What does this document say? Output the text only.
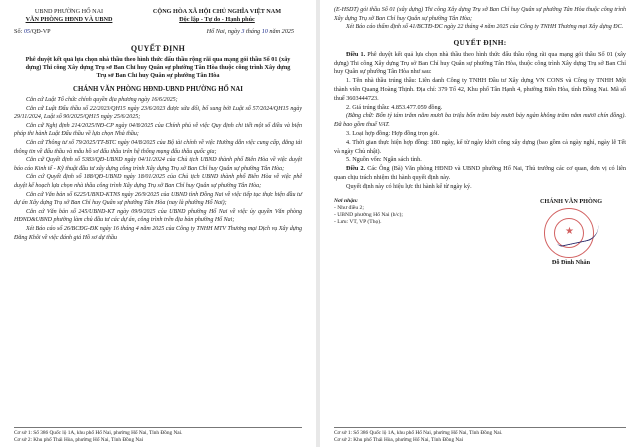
UBND PHƯỜNG HỐ NAI
VĂN PHÒNG HĐND VÀ UBND
CỘNG HÒA XÃ HỘI CHỦ NGHĨA VIỆT NAM
Độc lập - Tự do - Hạnh phúc
Số: 05/QĐ-VP	Hố Nai, ngày 3 tháng 10 năm 2025
QUYẾT ĐỊNH
Phê duyệt kết quả lựa chọn nhà thầu theo hình thức đấu thầu rộng rãi qua mạng gói thầu Số 01 (xây dựng) Thi công Xây dựng Trụ sở Ban Chỉ huy Quân sự phường Tân Hòa thuộc công trình Xây dựng Trụ sở Ban Chỉ huy Quân sự phường Tân Hòa
CHÁNH VĂN PHÒNG HĐND-UBND PHƯỜNG HỐ NAI

Căn cứ Luật Tổ chức chính quyền địa phương ngày 16/6/2025;

Căn cứ Luật Đấu thầu số 22/2023/QH15 ngày 23/6/2023 được sửa đổi, bổ sung bởi Luật số 57/2024/QH15 ngày 29/11/2024, Luật số 90/2025/QH15 ngày 25/6/2025;

Căn cứ Nghị định 214/2025/NĐ-CP ngày 04/8/2025 của Chính phủ về việc Quy định chi tiết một số điều và biện pháp thi hành Luật Đấu thầu về lựa chọn Nhà thầu;

Căn cứ Thông tư số 79/2025/TT-BTC ngày 04/8/2025 của Bộ tài chính về việc Hướng dẫn việc cung cấp, đăng tải thông tin về đấu thầu và mẫu hồ sơ đấu thầu trên hệ thống mạng đấu thầu quốc gia;

Căn cứ Quyết định số 5383/QĐ-UBND ngày 04/11/2024 của Chủ tịch UBND thành phố Biên Hòa về việc duyệt báo cáo Kinh tế - Kỹ thuật đầu tư xây dựng công trình Xây dựng Trụ sở Ban Chỉ huy Quân sự phường Tân Hòa;

Căn cứ Quyết định số 188/QĐ-UBND ngày 18/01/2025 của Chủ tịch UBND thành phố Biên Hòa về việc phê duyệt kế hoạch lựa chọn nhà thầu công trình Xây dựng Trụ sở Ban Chỉ huy Quân sự phường Tân Hòa;

Căn cứ Văn bản số 6225/UBND-KTNS ngày 26/9/2025 của UBND tỉnh Đồng Nai về việc tiếp tục thực hiện đầu tư dự án Xây dựng Trụ sở Ban Chỉ huy Quân sự phường Tân Hòa (nay là phường Hố Nai);

Căn cứ Văn bản số 245/UBND-KT ngày 09/9/2025 của UBND phường Hố Nai về việc ủy quyền Văn phòng HĐND&UBND phường làm chủ đầu tư các dự án, công trình trên địa bàn phường Hố Nai;

Xét Báo cáo số 26/BCĐG-ĐK ngày 16 tháng 4 năm 2025 của Công ty TNHH MTV Thương mại Dịch vụ Xây dựng Đăng Khôi về việc đánh giá Hồ sơ dự thầu

Cơ sở 1: Số 386 Quốc lộ 1A, khu phố Hố Nai, phường Hố Nai, Tỉnh Đồng Nai.
Cơ sở 2: Khu phố Thái Hòa, phường Hố Nai, Tỉnh Đồng Nai

(E-HSDT) gói thầu Số 01 (xây dựng) Thi công Xây dựng Trụ sở Ban Chỉ huy Quân sự phường Tân Hòa thuộc công trình Xây dựng Trụ sở Ban Chỉ huy Quân sự phường Tân Hòa;

Xét Báo cáo thẩm định số 41/BCTĐ-ĐC ngày 22 tháng 4 năm 2025 của Công ty TNHH Thương mại Xây dựng ĐC.

QUYẾT ĐỊNH:
Điều 1. Phê duyệt kết quả lựa chọn nhà thầu theo hình thức đấu thầu rộng rãi qua mạng gói thầu Số 01 (xây dựng) Thi công Xây dựng Trụ sở Ban Chỉ huy Quân sự phường Tân Hòa, thuộc công trình Xây dựng Trụ sở Ban Chỉ huy Quân sự phường Tân Hòa như sau:
1. Tên nhà thầu trúng thầu: Liên danh Công ty TNHH Đầu tư Xây dựng VN CONS và Công ty TNHH Một thành viên Quang Hoàng Thịnh. Địa chỉ: 379 Tổ 42, Khu phố Tân Hạnh 4, phường Biên Hòa, tỉnh Đồng Nai. Mã số thuế 3603444723.
2. Giá trúng thầu: 4.853.477.059 đồng.
(Bằng chữ: Bốn tỷ tám trăm năm mươi ba triệu bốn trăm bảy mươi bảy ngàn không trăm năm mươi chín đồng). Đã bao gồm thuế VAT.
3. Loại hợp đồng: Hợp đồng trọn gói.
4. Thời gian thực hiện hợp đồng: 180 ngày, kể từ ngày khởi công xây dựng (bao gồm cả ngày nghỉ, ngày lễ Tết và ngày Chủ nhật).
5. Nguồn vốn: Ngân sách tỉnh.
Điều 2. Các Ông (Bà) Văn phòng HĐND và UBND phường Hố Nai, Thủ trưởng các cơ quan, đơn vị có liên quan chịu trách nhiệm thi hành quyết định này.
Quyết định này có hiệu lực thi hành kể từ ngày ký.
Nơi nhận:
- Như điều 2;
- UBND phường Hố Nai (b/c);
- Lưu: VT, VP (Thọ).
CHÁNH VĂN PHÒNG
★
Đỗ Đình Nhân
Cơ sở 1: Số 386 Quốc lộ 1A, khu phố Hố Nai, phường Hố Nai, Tỉnh Đồng Nai.
Cơ sở 2: Khu phố Thái Hòa, phường Hố Nai, Tỉnh Đồng Nai
